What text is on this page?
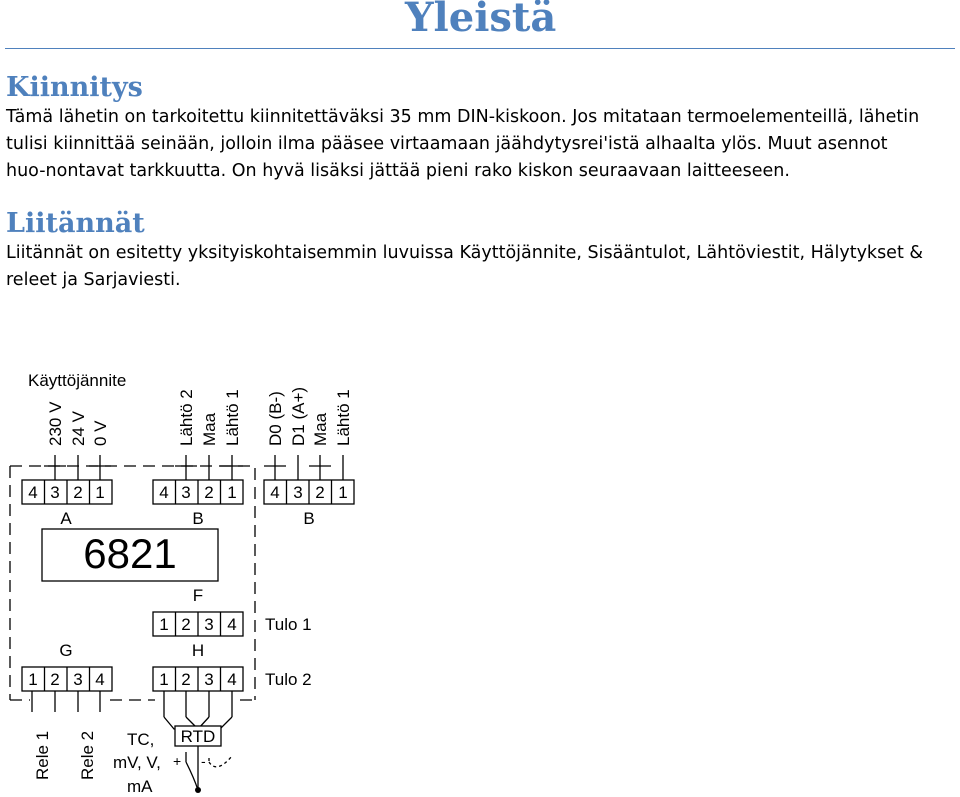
Yleistä
Kiinnitys

Tämä lähetin on tarkoitettu kiinnitettäväksi 35 mm DIN-kiskoon. Jos mitataan termoelementeillä, lähetin tulisi kiinnittää seinään, jolloin ilma pääsee virtaamaan jäähdytysrei'istä alhaalta ylös. Muut asennot huo-nontavat tarkkuutta. On hyvä lisäksi jättää pieni rako kiskon seuraavaan laitteeseen.

Liitännät

Liitännät on esitetty yksityiskohtaisemmin luvuissa Käyttöjännite, Sisääntulot, Lähtöviestit, Hälytykset & releet ja Sarjaviesti.

Käyttöjännite
230 V 24 V 0 V	Lähtö 2 Maa Lähtö 1 D0 (B-) D1 (A+) Maa Lähtö 1
4 3 2 1	4 3 2 1 4 3 2 1
1 2 3 4
1 2 3 4	1 2 3 4
A	B	B
F
G	H
6821
Tulo 1
Tulo 2
Rele 1 Rele 2 TC,
mV, V,
mA
+ -
RTD
